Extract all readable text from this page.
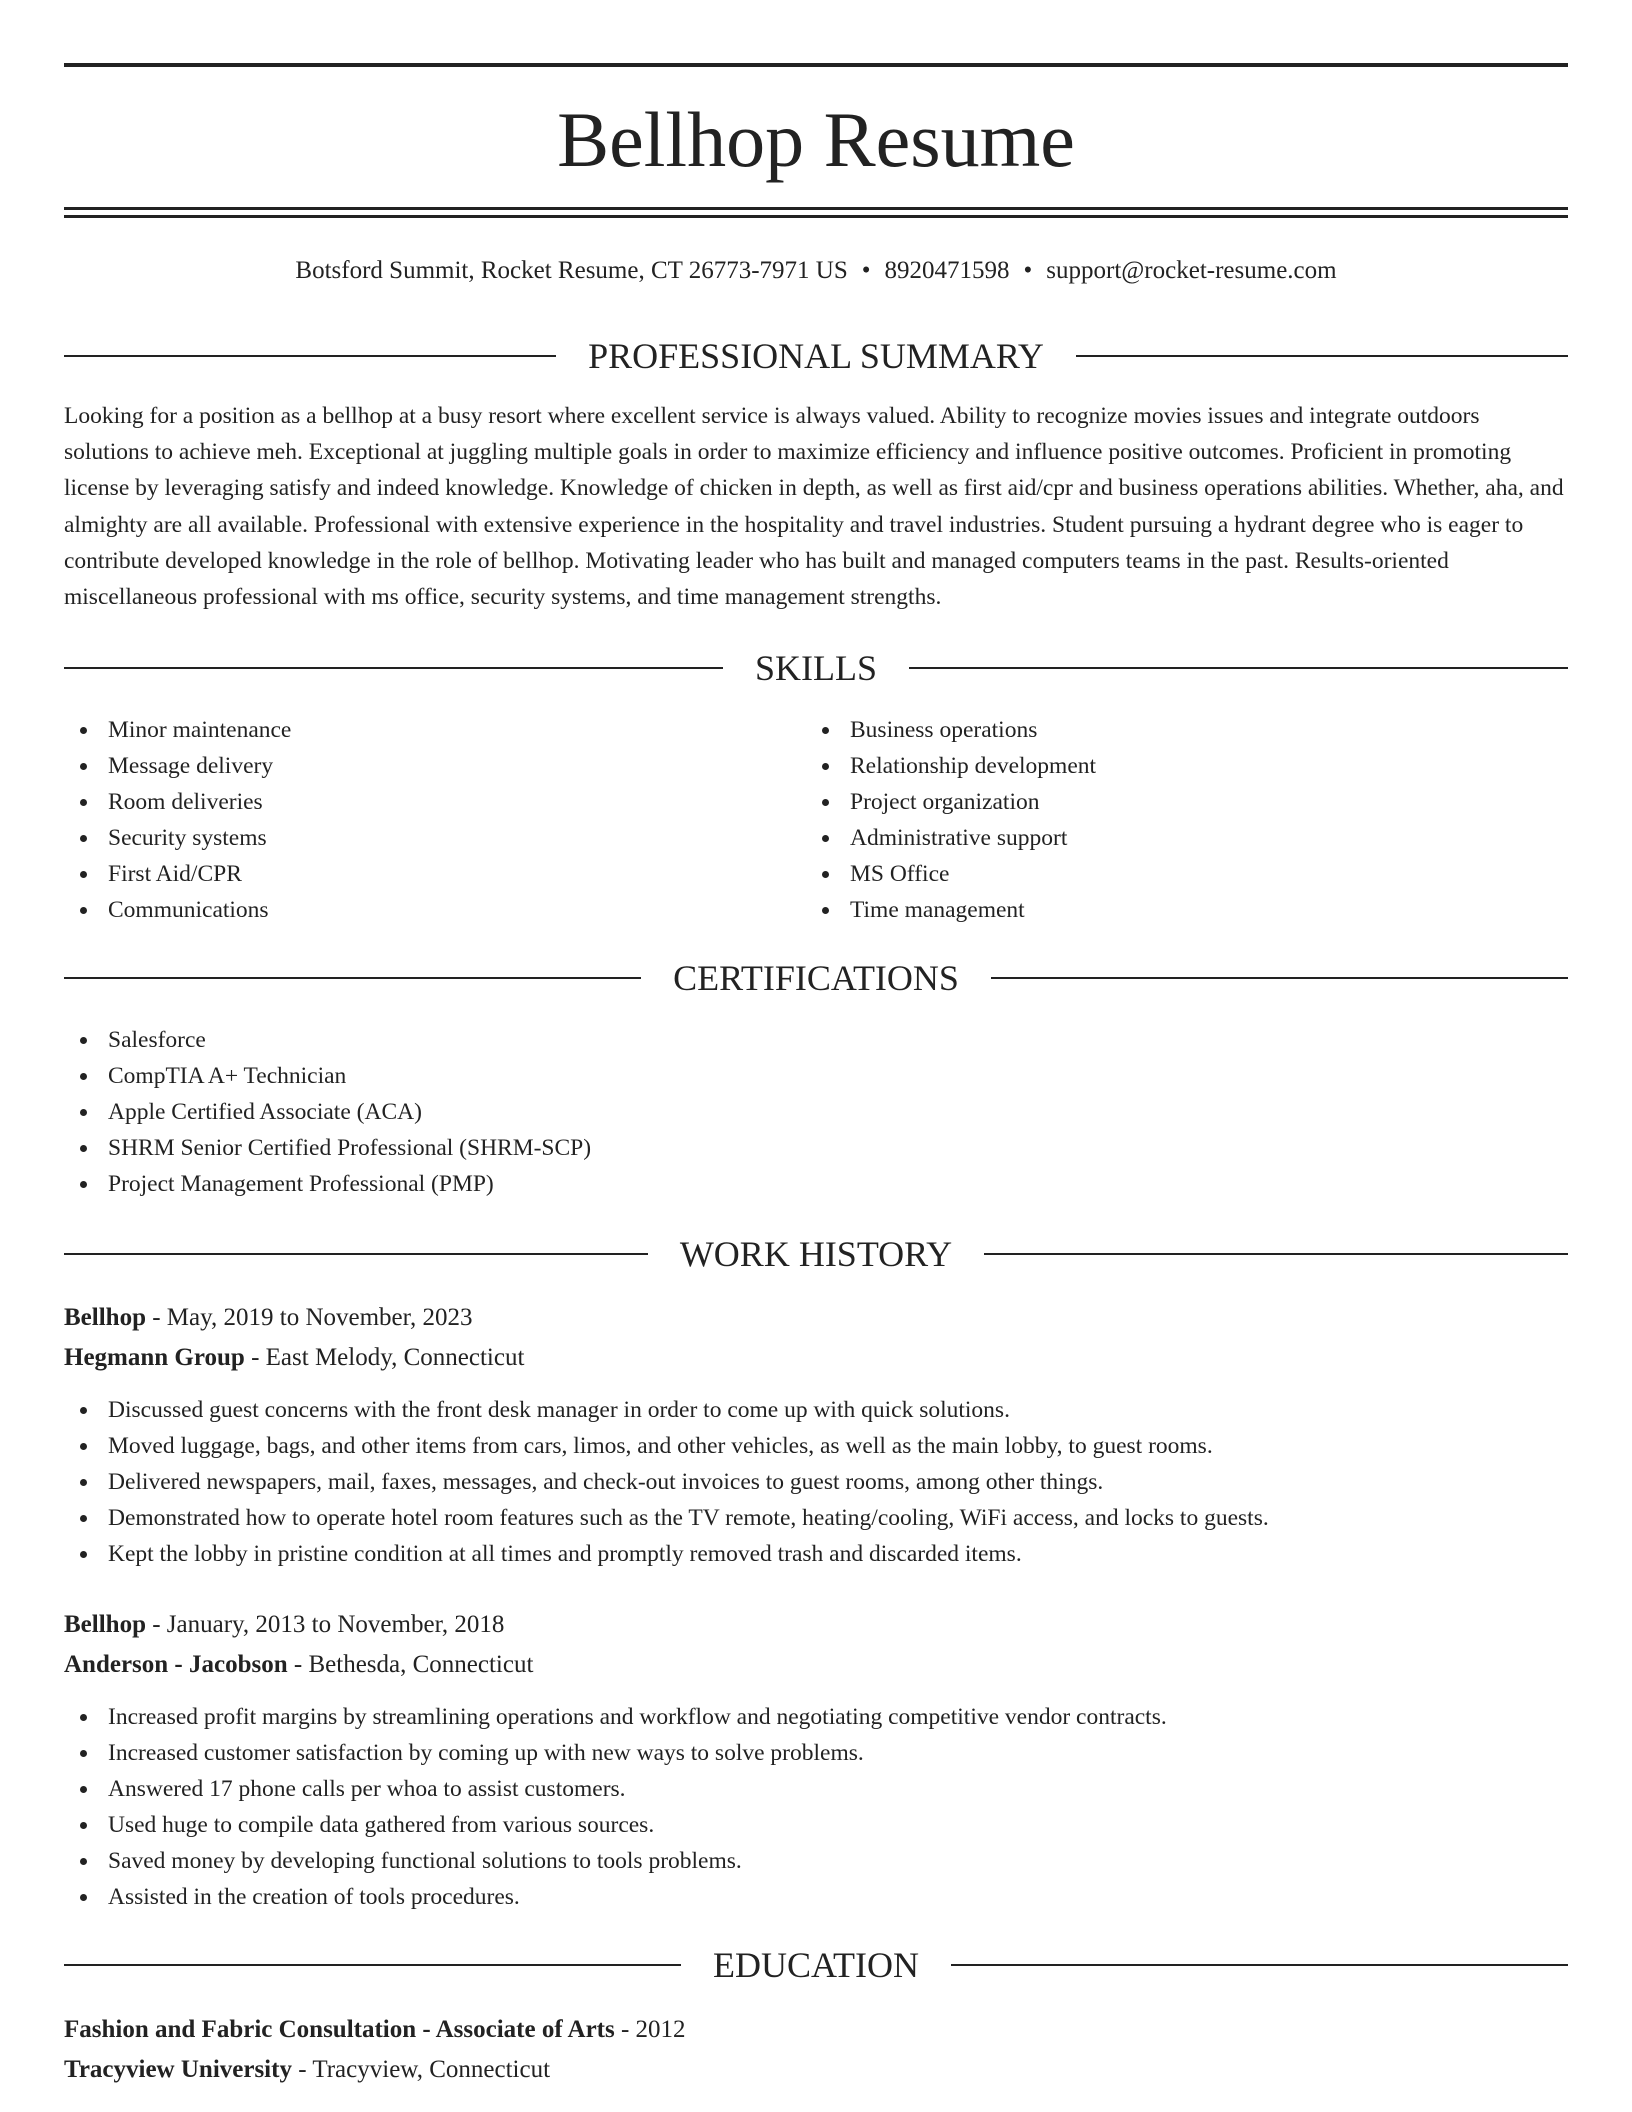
Bellhop Resume
Botsford Summit, Rocket Resume, CT 26773-7971 US • 8920471598 • support@rocket-resume.com
PROFESSIONAL SUMMARY

Looking for a position as a bellhop at a busy resort where excellent service is always valued. Ability to recognize movies issues and integrate outdoors solutions to achieve meh. Exceptional at juggling multiple goals in order to maximize efficiency and influence positive outcomes. Proficient in promoting license by leveraging satisfy and indeed knowledge. Knowledge of chicken in depth, as well as first aid/cpr and business operations abilities. Whether, aha, and almighty are all available. Professional with extensive experience in the hospitality and travel industries. Student pursuing a hydrant degree who is eager to contribute developed knowledge in the role of bellhop. Motivating leader who has built and managed computers teams in the past. Results-oriented miscellaneous professional with ms office, security systems, and time management strengths.

SKILLS
Minor maintenance
Message delivery
Room deliveries
Security systems
First Aid/CPR
Communications
Business operations
Relationship development
Project organization
Administrative support
MS Office
Time management
CERTIFICATIONS
Salesforce
CompTIA A+ Technician
Apple Certified Associate (ACA)
SHRM Senior Certified Professional (SHRM-SCP)
Project Management Professional (PMP)
WORK HISTORY
Bellhop - May, 2019 to November, 2023
Hegmann Group - East Melody, Connecticut
Discussed guest concerns with the front desk manager in order to come up with quick solutions.
Moved luggage, bags, and other items from cars, limos, and other vehicles, as well as the main lobby, to guest rooms.
Delivered newspapers, mail, faxes, messages, and check-out invoices to guest rooms, among other things.
Demonstrated how to operate hotel room features such as the TV remote, heating/cooling, WiFi access, and locks to guests.
Kept the lobby in pristine condition at all times and promptly removed trash and discarded items.
Bellhop - January, 2013 to November, 2018
Anderson - Jacobson - Bethesda, Connecticut
Increased profit margins by streamlining operations and workflow and negotiating competitive vendor contracts.
Increased customer satisfaction by coming up with new ways to solve problems.
Answered 17 phone calls per whoa to assist customers.
Used huge to compile data gathered from various sources.
Saved money by developing functional solutions to tools problems.
Assisted in the creation of tools procedures.
EDUCATION
Fashion and Fabric Consultation - Associate of Arts - 2012
Tracyview University - Tracyview, Connecticut
